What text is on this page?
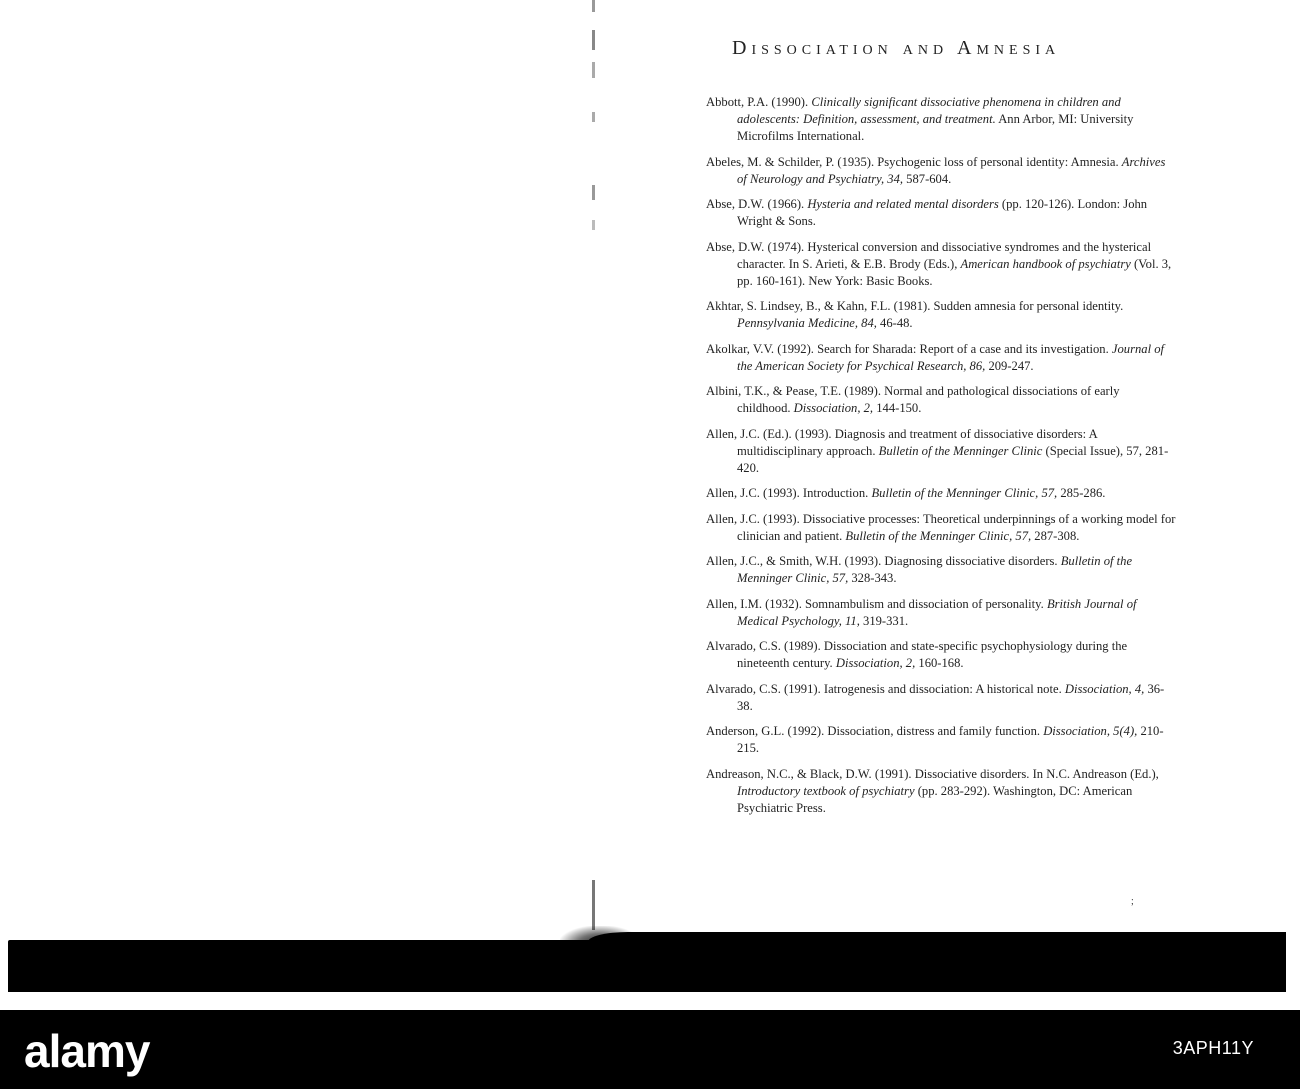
Dissociation and Amnesia
Abbott, P.A. (1990). Clinically significant dissociative phenomena in children and adolescents: Definition, assessment, and treatment. Ann Arbor, MI: University Microfilms International.
Abeles, M. & Schilder, P. (1935). Psychogenic loss of personal identity: Amnesia. Archives of Neurology and Psychiatry, 34, 587-604.
Abse, D.W. (1966). Hysteria and related mental disorders (pp. 120-126). London: John Wright & Sons.
Abse, D.W. (1974). Hysterical conversion and dissociative syndromes and the hysterical character. In S. Arieti, & E.B. Brody (Eds.), American handbook of psychiatry (Vol. 3, pp. 160-161). New York: Basic Books.
Akhtar, S. Lindsey, B., & Kahn, F.L. (1981). Sudden amnesia for personal identity. Pennsylvania Medicine, 84, 46-48.
Akolkar, V.V. (1992). Search for Sharada: Report of a case and its investigation. Journal of the American Society for Psychical Research, 86, 209-247.
Albini, T.K., & Pease, T.E. (1989). Normal and pathological dissociations of early childhood. Dissociation, 2, 144-150.
Allen, J.C. (Ed.). (1993). Diagnosis and treatment of dissociative disorders: A multidisciplinary approach. Bulletin of the Menninger Clinic (Special Issue), 57, 281-420.
Allen, J.C. (1993). Introduction. Bulletin of the Menninger Clinic, 57, 285-286.
Allen, J.C. (1993). Dissociative processes: Theoretical underpinnings of a working model for clinician and patient. Bulletin of the Menninger Clinic, 57, 287-308.
Allen, J.C., & Smith, W.H. (1993). Diagnosing dissociative disorders. Bulletin of the Menninger Clinic, 57, 328-343.
Allen, I.M. (1932). Somnambulism and dissociation of personality. British Journal of Medical Psychology, 11, 319-331.
Alvarado, C.S. (1989). Dissociation and state-specific psychophysiology during the nineteenth century. Dissociation, 2, 160-168.
Alvarado, C.S. (1991). Iatrogenesis and dissociation: A historical note. Dissociation, 4, 36-38.
Anderson, G.L. (1992). Dissociation, distress and family function. Dissociation, 5(4), 210-215.
Andreason, N.C., & Black, D.W. (1991). Dissociative disorders. In N.C. Andreason (Ed.), Introductory textbook of psychiatry (pp. 283-292). Washington, DC: American Psychiatric Press.
;
alamy	3APH11Y
